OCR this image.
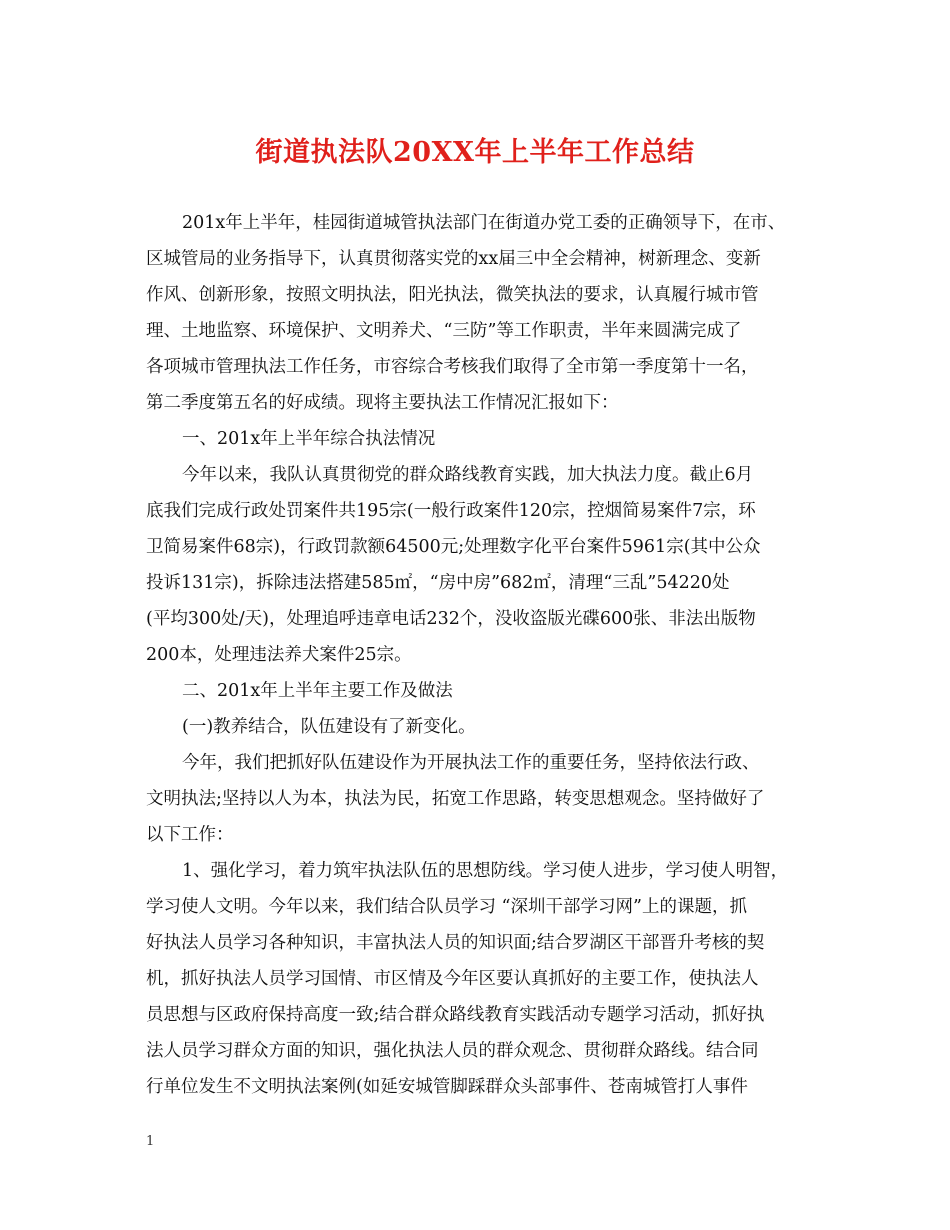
街道执法队20XX年上半年工作总结
201x年上半年，桂园街道城管执法部门在街道办党工委的正确领导下，在市、
区城管局的业务指导下，认真贯彻落实党的xx届三中全会精神，树新理念、变新
作风、创新形象，按照文明执法，阳光执法，微笑执法的要求，认真履行城市管
理、土地监察、环境保护、文明养犬、“三防”等工作职责，半年来圆满完成了
各项城市管理执法工作任务，市容综合考核我们取得了全市第一季度第十一名，
第二季度第五名的好成绩。现将主要执法工作情况汇报如下：
一、201x年上半年综合执法情况
今年以来，我队认真贯彻党的群众路线教育实践，加大执法力度。截止6月
底我们完成行政处罚案件共195宗(一般行政案件120宗，控烟简易案件7宗，环
卫简易案件68宗)，行政罚款额64500元;处理数字化平台案件5961宗(其中公众
投诉131宗)，拆除违法搭建585㎡，“房中房”682㎡，清理“三乱”54220处
(平均300处/天)，处理追呼违章电话232个，没收盗版光碟600张、非法出版物
200本，处理违法养犬案件25宗。
二、201x年上半年主要工作及做法
(一)教养结合，队伍建设有了新变化。
今年，我们把抓好队伍建设作为开展执法工作的重要任务，坚持依法行政、
文明执法;坚持以人为本，执法为民，拓宽工作思路，转变思想观念。坚持做好了
以下工作：
1、强化学习，着力筑牢执法队伍的思想防线。学习使人进步，学习使人明智，
学习使人文明。今年以来，我们结合队员学习 “深圳干部学习网”上的课题，抓
好执法人员学习各种知识，丰富执法人员的知识面;结合罗湖区干部晋升考核的契
机，抓好执法人员学习国情、市区情及今年区要认真抓好的主要工作，使执法人
员思想与区政府保持高度一致;结合群众路线教育实践活动专题学习活动，抓好执
法人员学习群众方面的知识，强化执法人员的群众观念、贯彻群众路线。结合同
行单位发生不文明执法案例(如延安城管脚踩群众头部事件、苍南城管打人事件
1
